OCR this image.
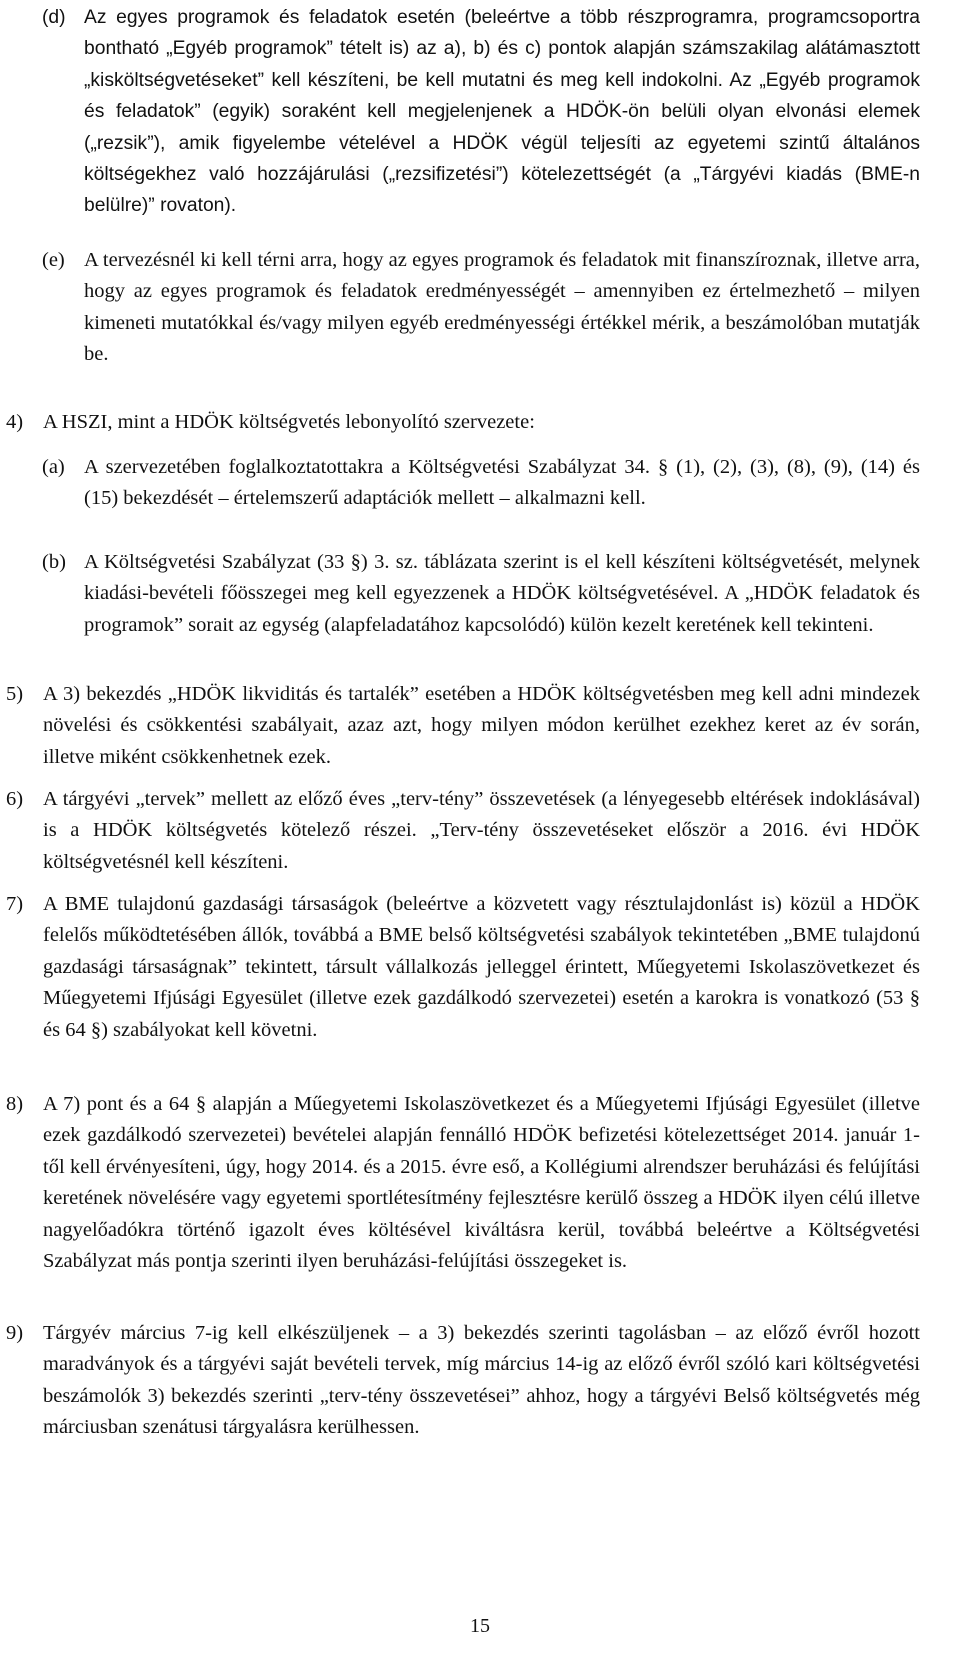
(d) Az egyes programok és feladatok esetén (beleértve a több részprogramra, programcsoportra bontható „Egyéb programok” tételt is) az a), b) és c) pontok alapján számszakilag alátámasztott „kisköltségvetéseket” kell készíteni, be kell mutatni és meg kell indokolni. Az „Egyéb programok és feladatok” (egyik) soraként kell megjelenjenek a HDÖK-ön belüli olyan elvonási elemek („rezsik”), amik figyelembe vételével a HDÖK végül teljesíti az egyetemi szintű általános költségekhez való hozzájárulási („rezsifizetési”) kötelezettségét (a „Tárgyévi kiadás (BME-n belülre)” rovaton).
(e) A tervezésnél ki kell térni arra, hogy az egyes programok és feladatok mit finanszíroznak, illetve arra, hogy az egyes programok és feladatok eredményességét – amennyiben ez értelmezhető – milyen kimeneti mutatókkal és/vagy milyen egyéb eredményességi értékkel mérik, a beszámolóban mutatják be.
4) A HSZI, mint a HDÖK költségvetés lebonyolító szervezete:
(a) A szervezetében foglalkoztatottakra a Költségvetési Szabályzat 34. § (1), (2), (3), (8), (9), (14) és (15) bekezdését – értelemszerű adaptációk mellett – alkalmazni kell.
(b) A Költségvetési Szabályzat (33 §) 3. sz. táblázata szerint is el kell készíteni költségvetését, melynek kiadási-bevételi főösszegei meg kell egyezzenek a HDÖK költségvetésével. A „HDÖK feladatok és programok” sorait az egység (alapfeladatához kapcsolódó) külön kezelt keretének kell tekinteni.
5) A 3) bekezdés „HDÖK likviditás és tartalék” esetében a HDÖK költségvetésben meg kell adni mindezek növelési és csökkentési szabályait, azaz azt, hogy milyen módon kerülhet ezekhez keret az év során, illetve miként csökkenhetnek ezek.
6) A tárgyévi „tervek” mellett az előző éves „terv-tény” összevetések (a lényegesebb eltérések indoklásával) is a HDÖK költségvetés kötelező részei. „Terv-tény összevetéseket először a 2016. évi HDÖK költségvetésnél kell készíteni.
7) A BME tulajdonú gazdasági társaságok (beleértve a közvetett vagy résztulajdonlást is) közül a HDÖK felelős működtetésében állók, továbbá a BME belső költségvetési szabályok tekintetében „BME tulajdonú gazdasági társaságnak” tekintett, társult vállalkozás jelleggel érintett, Műegyetemi Iskolaszövetkezet és Műegyetemi Ifjúsági Egyesület (illetve ezek gazdálkodó szervezetei) esetén a karokra is vonatkozó (53 § és 64 §) szabályokat kell követni.
8) A 7) pont és a 64 § alapján a Műegyetemi Iskolaszövetkezet és a Műegyetemi Ifjúsági Egyesület (illetve ezek gazdálkodó szervezetei) bevételei alapján fennálló HDÖK befizetési kötelezettséget 2014. január 1-től kell érvényesíteni, úgy, hogy 2014. és a 2015. évre eső, a Kollégiumi alrendszer beruházási és felújítási keretének növelésére vagy egyetemi sportlétesítmény fejlesztésre kerülő összeg a HDÖK ilyen célú illetve nagyelőadókra történő igazolt éves költésével kiváltásra kerül, továbbá beleértve a Költségvetési Szabályzat más pontja szerinti ilyen beruházási-felújítási összegeket is.
9) Tárgyév március 7-ig kell elkészüljenek – a 3) bekezdés szerinti tagolásban – az előző évről hozott maradványok és a tárgyévi saját bevételi tervek, míg március 14-ig az előző évről szóló kari költségvetési beszámolók 3) bekezdés szerinti „terv-tény összevetései” ahhoz, hogy a tárgyévi Belső költségvetés még márciusban szenátusi tárgyalásra kerülhessen.
15
